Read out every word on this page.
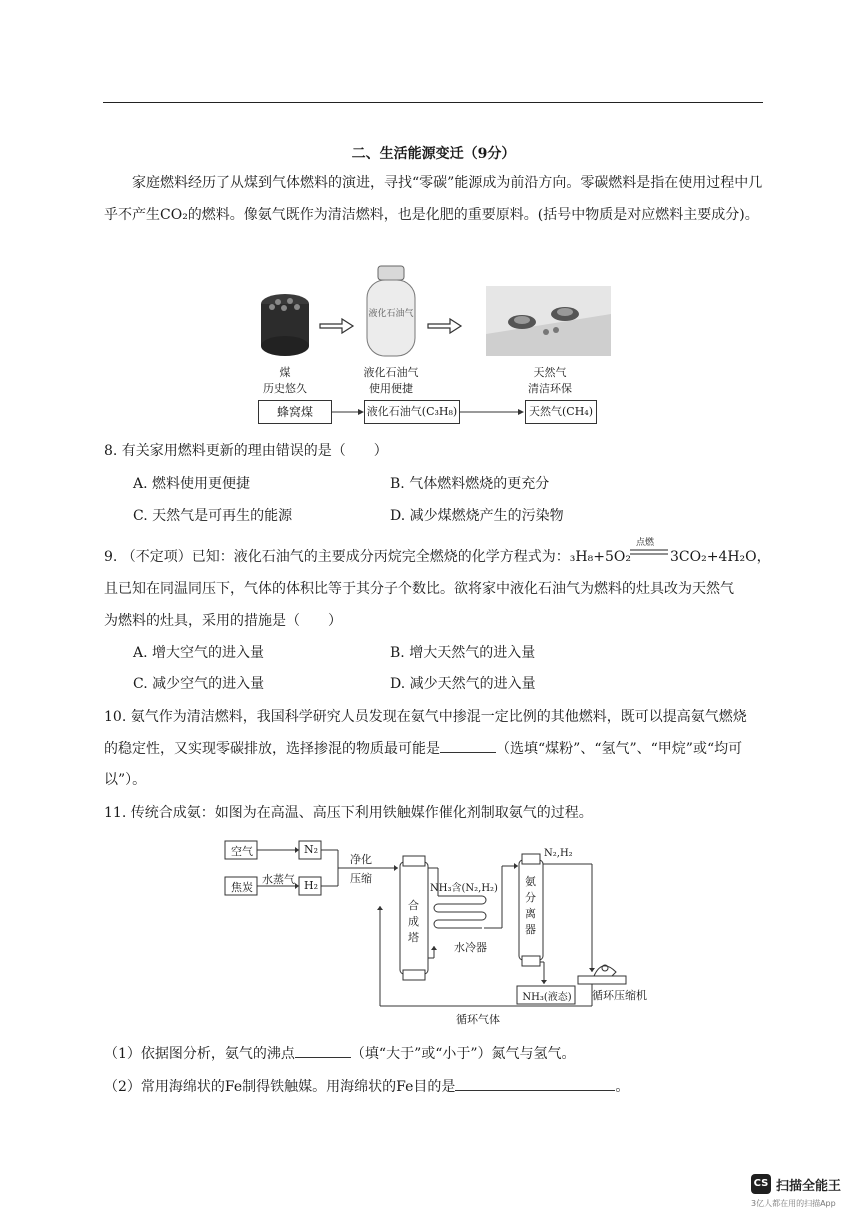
二、生活能源变迁（9分）
家庭燃料经历了从煤到气体燃料的演进，寻找“零碳”能源成为前沿方向。零碳燃料是指在使用过程中几乎不产生CO₂的燃料。像氨气既作为清洁燃料，也是化肥的重要原料。(括号中物质是对应燃料主要成分)。
液化石油气
煤
历史悠久
液化石油气
使用便捷
天然气
清洁环保
蜂窝煤	液化石油气(C₃H₈)	天然气(CH₄)
8. 有关家用燃料更新的理由错误的是（　　）
A. 燃料使用更便捷	B. 气体燃料燃烧的更充分
C. 天然气是可再生的能源	D. 减少煤燃烧产生的污染物
9. （不定项）已知：液化石油气的主要成分丙烷完全燃烧的化学方程式为：₃H₈+5O₂
点燃
3CO₂+4H₂O，
且已知在同温同压下，气体的体积比等于其分子个数比。欲将家中液化石油气为燃料的灶具改为天然气
为燃料的灶具，采用的措施是（　　）
A. 增大空气的进入量	B. 增大天然气的进入量
C. 减少空气的进入量	D. 减少天然气的进入量
10. 氨气作为清洁燃料，我国科学研究人员发现在氨气中掺混一定比例的其他燃料，既可以提高氨气燃烧
的稳定性，又实现零碳排放，选择掺混的物质最可能是	（选填“煤粉”、“氢气”、“甲烷”或“均可
以”）。
11. 传统合成氨：如图为在高温、高压下利用铁触媒作催化剂制取氨气的过程。
空气
焦炭
N₂
H₂
水蒸气
净化
压缩
合成塔
NH₃含(N₂,H₂)
水冷器
氨分离器
N₂,H₂
NH₃(液态)	循环压缩机
循环气体
（1）依据图分析，氨气的沸点	（填“大于”或“小于”）氮气与氢气。
（2）常用海绵状的Fe制得铁触媒。用海绵状的Fe目的是	。
CS 扫描全能王
3亿人都在用的扫描App
